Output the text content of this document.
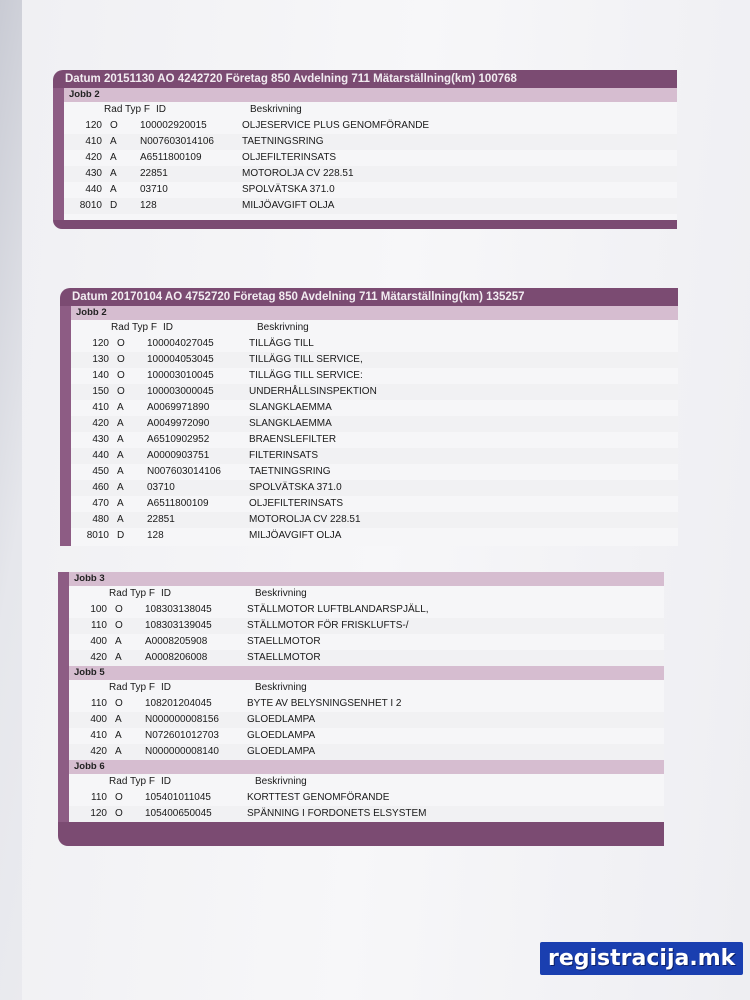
Datum 20151130 AO 4242720 Företag 850 Avdelning 711 Mätarställning(km) 100768
Jobb 2
Rad Typ F ID	Beskrivning
120 O	100002920015	OLJESERVICE PLUS GENOMFÖRANDE
410 A	N007603014106	TAETNINGSRING
420 A	A6511800109	OLJEFILTERINSATS
430 A	22851	MOTOROLJA CV 228.51
440 A	03710	SPOLVÄTSKA 371.0
8010 D	128	MILJÖAVGIFT OLJA
Datum 20170104 AO 4752720 Företag 850 Avdelning 711 Mätarställning(km) 135257
Jobb 2
Rad Typ F ID	Beskrivning
120 O	100004027045	TILLÄGG TILL
130 O	100004053045	TILLÄGG TILL SERVICE,
140 O	100003010045	TILLÄGG TILL SERVICE:
150 O	100003000045	UNDERHÅLLSINSPEKTION
410 A	A0069971890	SLANGKLAEMMA
420 A	A0049972090	SLANGKLAEMMA
430 A	A6510902952	BRAENSLEFILTER
440 A	A0000903751	FILTERINSATS
450 A	N007603014106	TAETNINGSRING
460 A	03710	SPOLVÄTSKA 371.0
470 A	A6511800109	OLJEFILTERINSATS
480 A	22851	MOTOROLJA CV 228.51
8010 D	128	MILJÖAVGIFT OLJA
Jobb 3
Rad Typ F ID	Beskrivning
100 O	108303138045	STÄLLMOTOR LUFTBLANDARSPJÄLL,
110 O	108303139045	STÄLLMOTOR FÖR FRISKLUFTS-/
400 A	A0008205908	STAELLMOTOR
420 A	A0008206008	STAELLMOTOR
Jobb 5
Rad Typ F ID	Beskrivning
110 O	108201204045	BYTE AV BELYSNINGSENHET I 2
400 A	N000000008156	GLOEDLAMPA
410 A	N072601012703	GLOEDLAMPA
420 A	N000000008140	GLOEDLAMPA
Jobb 6
Rad Typ F ID	Beskrivning
110 O	105401011045	KORTTEST GENOMFÖRANDE
120 O	105400650045	SPÄNNING I FORDONETS ELSYSTEM
registracija.mk
